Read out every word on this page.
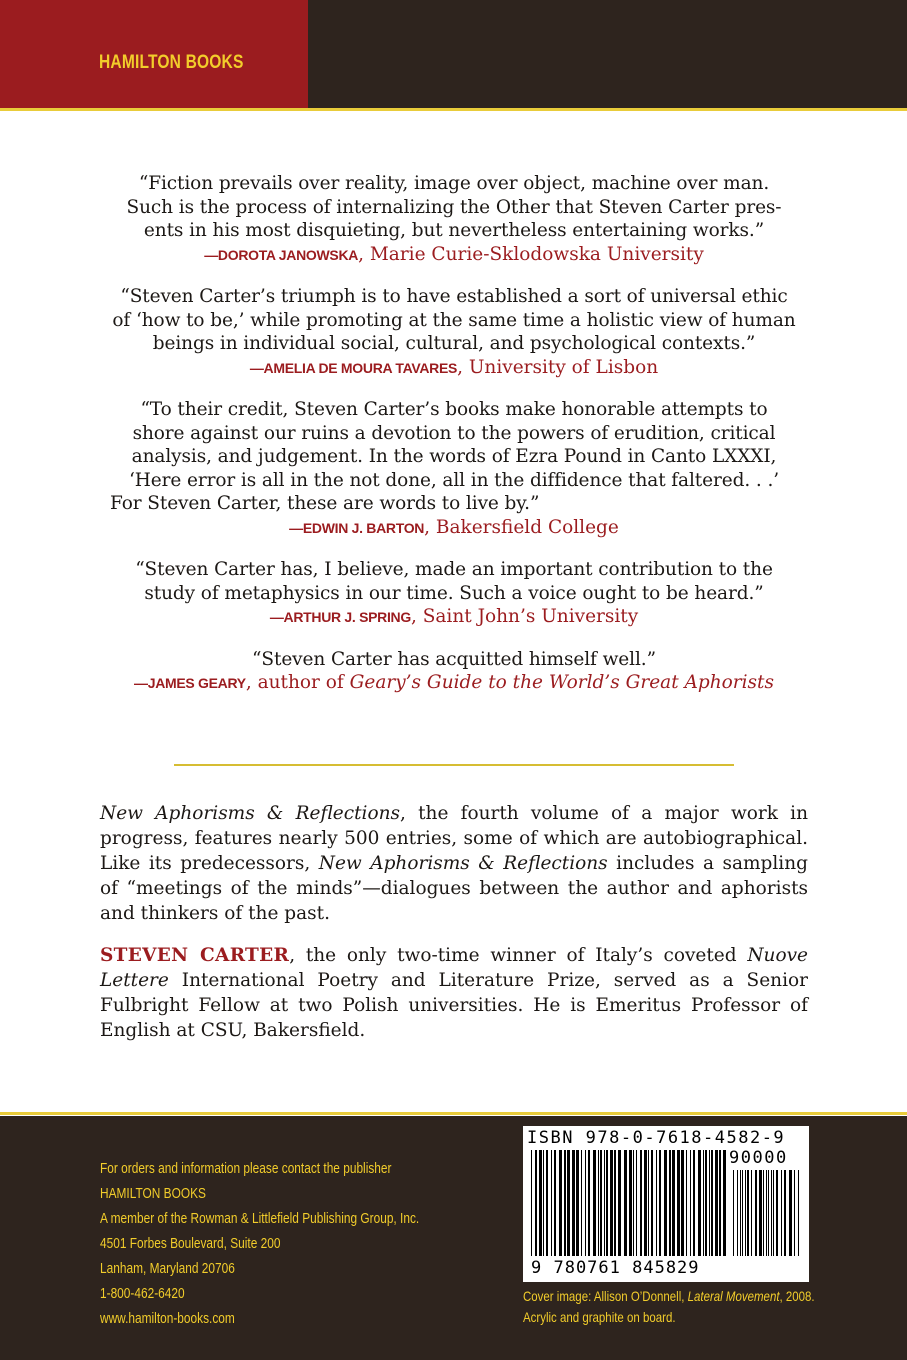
HAMILTON BOOKS

“Fiction prevails over reality, image over object, machine over man.

Such is the process of internalizing the Other that Steven Carter pres-

ents in his most disquieting, but nevertheless entertaining works.”

—DOROTA JANOWSKA, Marie Curie-Sklodowska University

“Steven Carter’s triumph is to have established a sort of universal ethic

of ‘how to be,’ while promoting at the same time a holistic view of human

beings in individual social, cultural, and psychological contexts.”

—AMELIA DE MOURA TAVARES, University of Lisbon

“To their credit, Steven Carter’s books make honorable attempts to

shore against our ruins a devotion to the powers of erudition, critical

analysis, and judgement. In the words of Ezra Pound in Canto LXXXI,

‘Here error is all in the not done, all in the diffidence that faltered. . .’

For Steven Carter, these are words to live by.”

—EDWIN J. BARTON, Bakersfield College

“Steven Carter has, I believe, made an important contribution to the

study of metaphysics in our time. Such a voice ought to be heard.”

—ARTHUR J. SPRING, Saint John’s University

“Steven Carter has acquitted himself well.”

—JAMES GEARY, author of Geary’s Guide to the World’s Great Aphorists

New Aphorisms & Reflections, the fourth volume of a major work in progress, features nearly 500 entries, some of which are autobiographical. Like its predecessors, New Aphorisms & Reflections includes a sampling of “meetings of the minds”—dialogues between the author and aphorists and thinkers of the past.

STEVEN CARTER, the only two-time winner of Italy’s coveted Nuove Lettere International Poetry and Literature Prize, served as a Senior Fulbright Fellow at two Polish universities. He is Emeritus Professor of English at CSU, Bakersfield.

For orders and information please contact the publisher
HAMILTON BOOKS
A member of the Rowman & Littlefield Publishing Group, Inc.
4501 Forbes Boulevard, Suite 200
Lanham, Maryland 20706
1-800-462-6420
www.hamilton-books.com
ISBN 978-0-7618-4582-9
90000
9 780761 845829
Cover image: Allison O’Donnell, Lateral Movement, 2008.
Acrylic and graphite on board.
